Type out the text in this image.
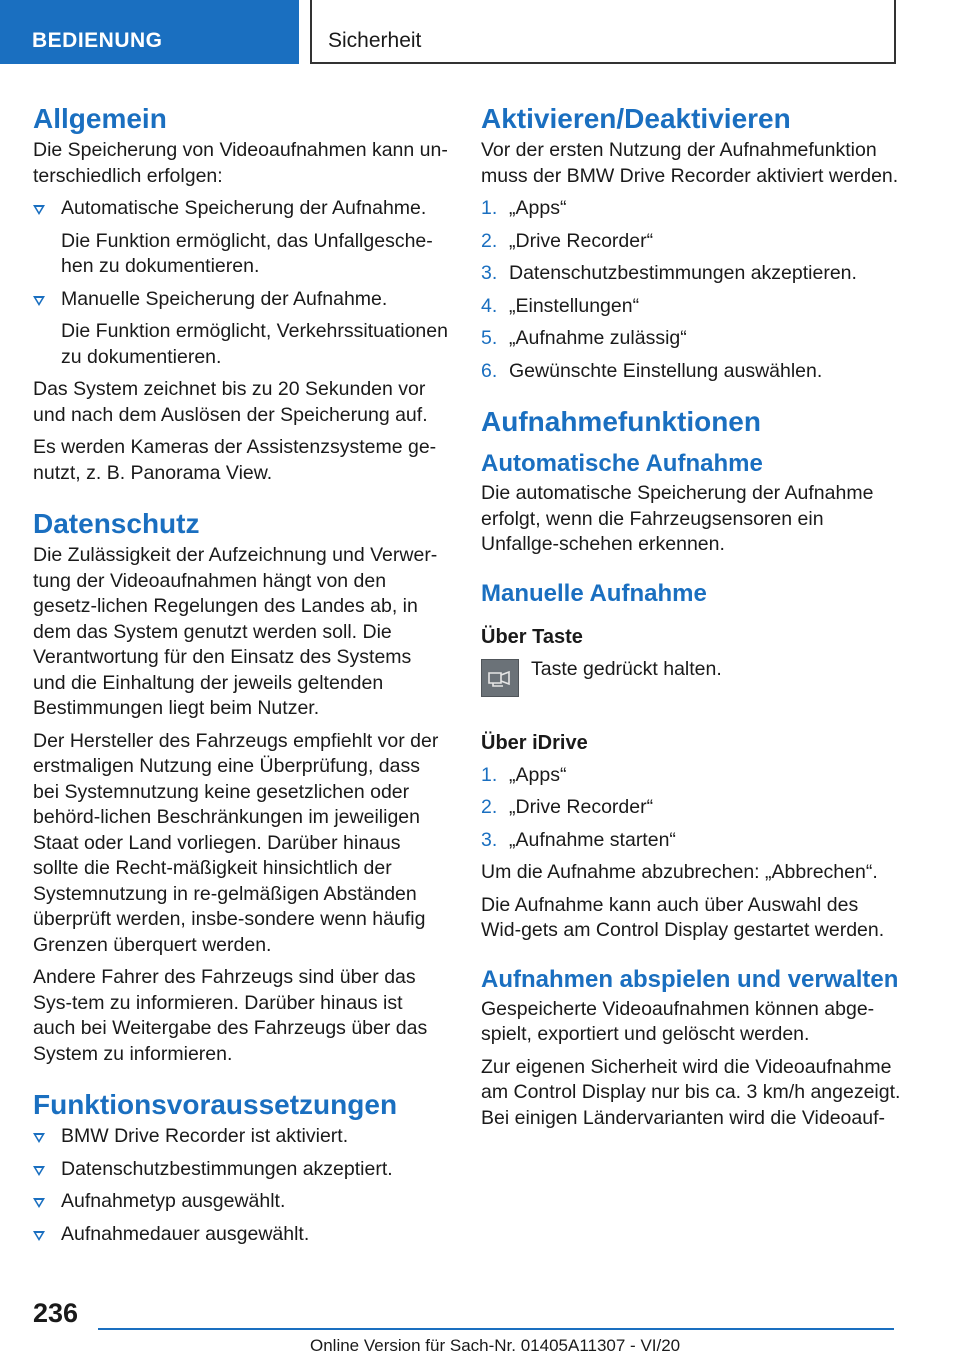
BEDIENUNG	Sicherheit
Allgemein

Die Speicherung von Videoaufnahmen kann un-terschiedlich erfolgen:

Automatische Speicherung der Aufnahme.
Die Funktion ermöglicht, das Unfallgesche-hen zu dokumentieren.
Manuelle Speicherung der Aufnahme.
Die Funktion ermöglicht, Verkehrssituationen zu dokumentieren.

Das System zeichnet bis zu 20 Sekunden vor und nach dem Auslösen der Speicherung auf.

Es werden Kameras der Assistenzsysteme ge-nutzt, z. B. Panorama View.

Datenschutz

Die Zulässigkeit der Aufzeichnung und Verwer-tung der Videoaufnahmen hängt von den gesetz-lichen Regelungen des Landes ab, in dem das System genutzt werden soll. Die Verantwortung für den Einsatz des Systems und die Einhaltung der jeweils geltenden Bestimmungen liegt beim Nutzer.

Der Hersteller des Fahrzeugs empfiehlt vor der erstmaligen Nutzung eine Überprüfung, dass bei Systemnutzung keine gesetzlichen oder behörd-lichen Beschränkungen im jeweiligen Staat oder Land vorliegen. Darüber hinaus sollte die Recht-mäßigkeit hinsichtlich der Systemnutzung in re-gelmäßigen Abständen überprüft werden, insbe-sondere wenn häufig Grenzen überquert werden.

Andere Fahrer des Fahrzeugs sind über das Sys-tem zu informieren. Darüber hinaus ist auch bei Weitergabe des Fahrzeugs über das System zu informieren.

Funktionsvoraussetzungen
BMW Drive Recorder ist aktiviert.
Datenschutzbestimmungen akzeptiert.
Aufnahmetyp ausgewählt.
Aufnahmedauer ausgewählt.
Aktivieren/Deaktivieren

Vor der ersten Nutzung der Aufnahmefunktion muss der BMW Drive Recorder aktiviert werden.

1. „Apps“
2. „Drive Recorder“
3. Datenschutzbestimmungen akzeptieren.
4. „Einstellungen“
5. „Aufnahme zulässig“
6. Gewünschte Einstellung auswählen.
Aufnahmefunktionen
Automatische Aufnahme

Die automatische Speicherung der Aufnahme erfolgt, wenn die Fahrzeugsensoren ein Unfallge-schehen erkennen.

Manuelle Aufnahme
Über Taste
Taste gedrückt halten.
Über iDrive
1. „Apps“
2. „Drive Recorder“
3. „Aufnahme starten“

Um die Aufnahme abzubrechen: „Abbrechen“.

Die Aufnahme kann auch über Auswahl des Wid-gets am Control Display gestartet werden.

Aufnahmen abspielen und verwalten

Gespeicherte Videoaufnahmen können abge-spielt, exportiert und gelöscht werden.

Zur eigenen Sicherheit wird die Videoaufnahme am Control Display nur bis ca. 3 km/h angezeigt. Bei einigen Ländervarianten wird die Videoauf-

236
Online Version für Sach-Nr. 01405A11307 - VI/20
